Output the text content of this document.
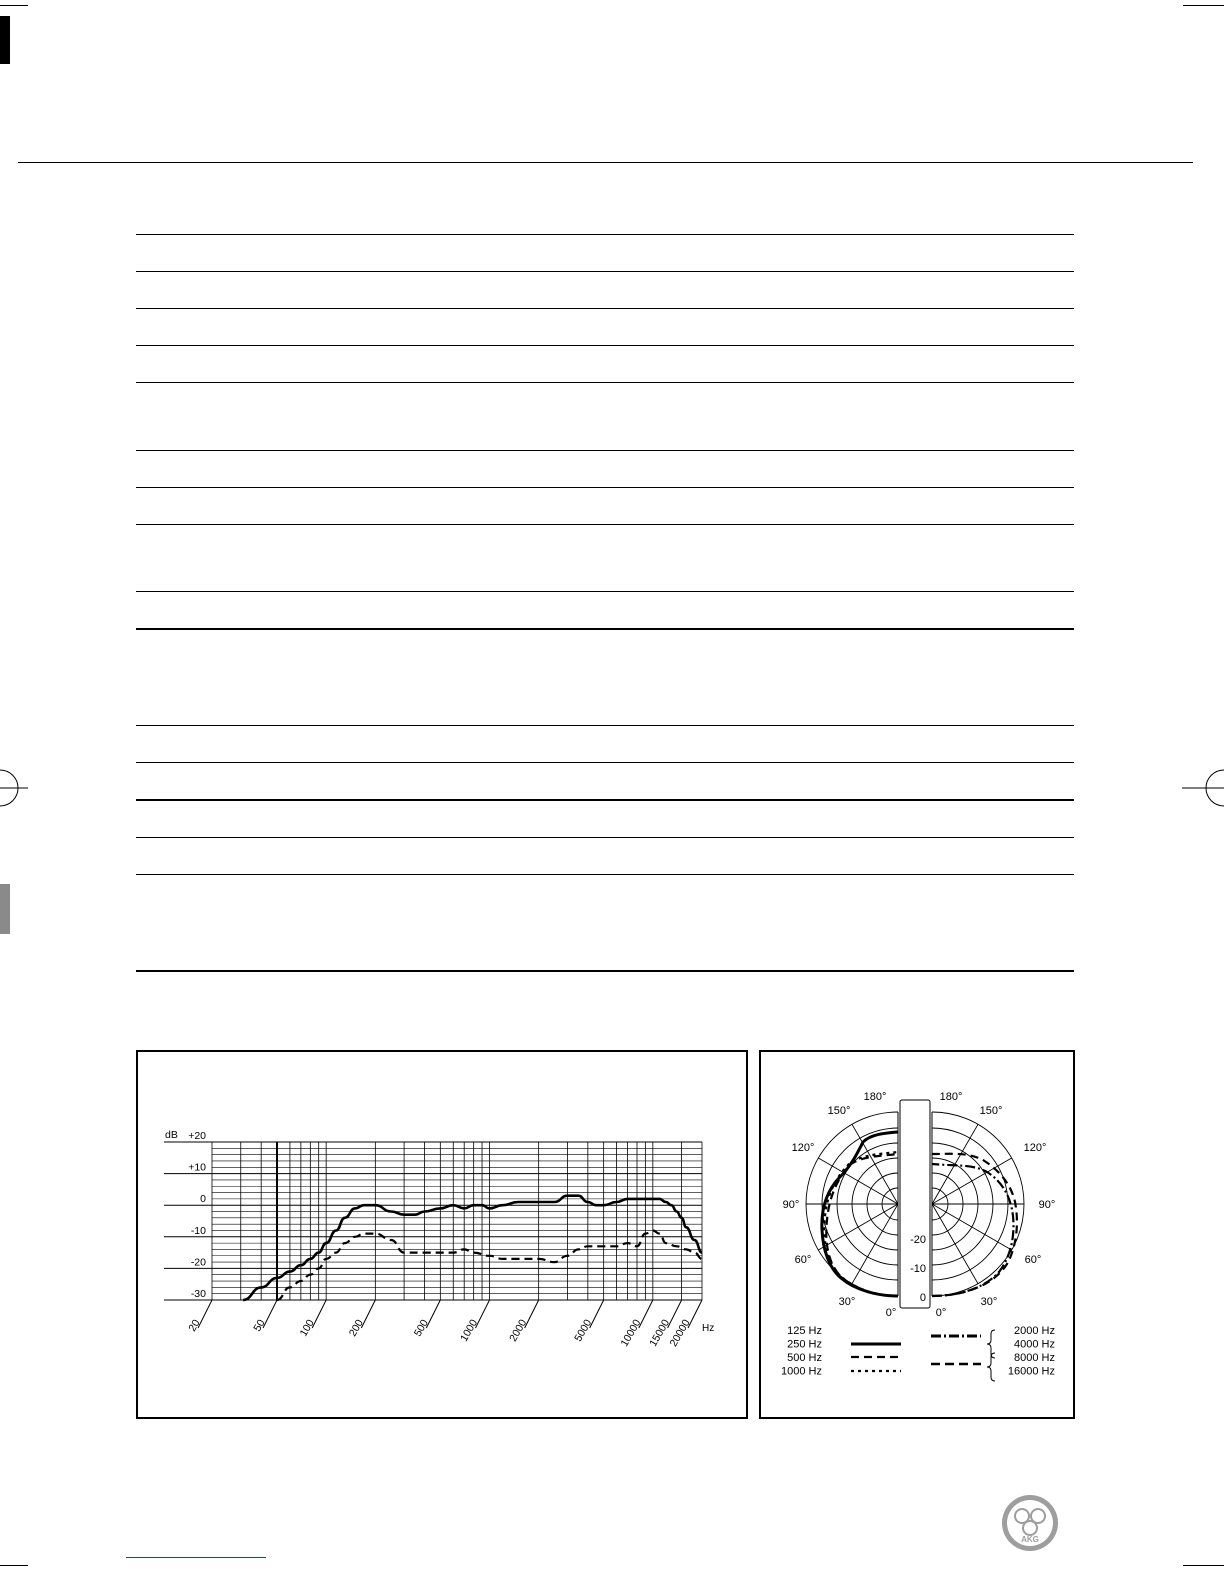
+20
+10
0
-10
-20
-30
20	50	100	200	500	1000	2000	5000 10000 15000
20000
dB
Hz
180°
150°
120°
90°
60°
30°
0°
180°
150°
120°
90°
60°
30°
0°
-20
-10
0
125 Hz
250 Hz
500 Hz
1000 Hz
2000 Hz
4000 Hz
8000 Hz
16000 Hz
AKG
